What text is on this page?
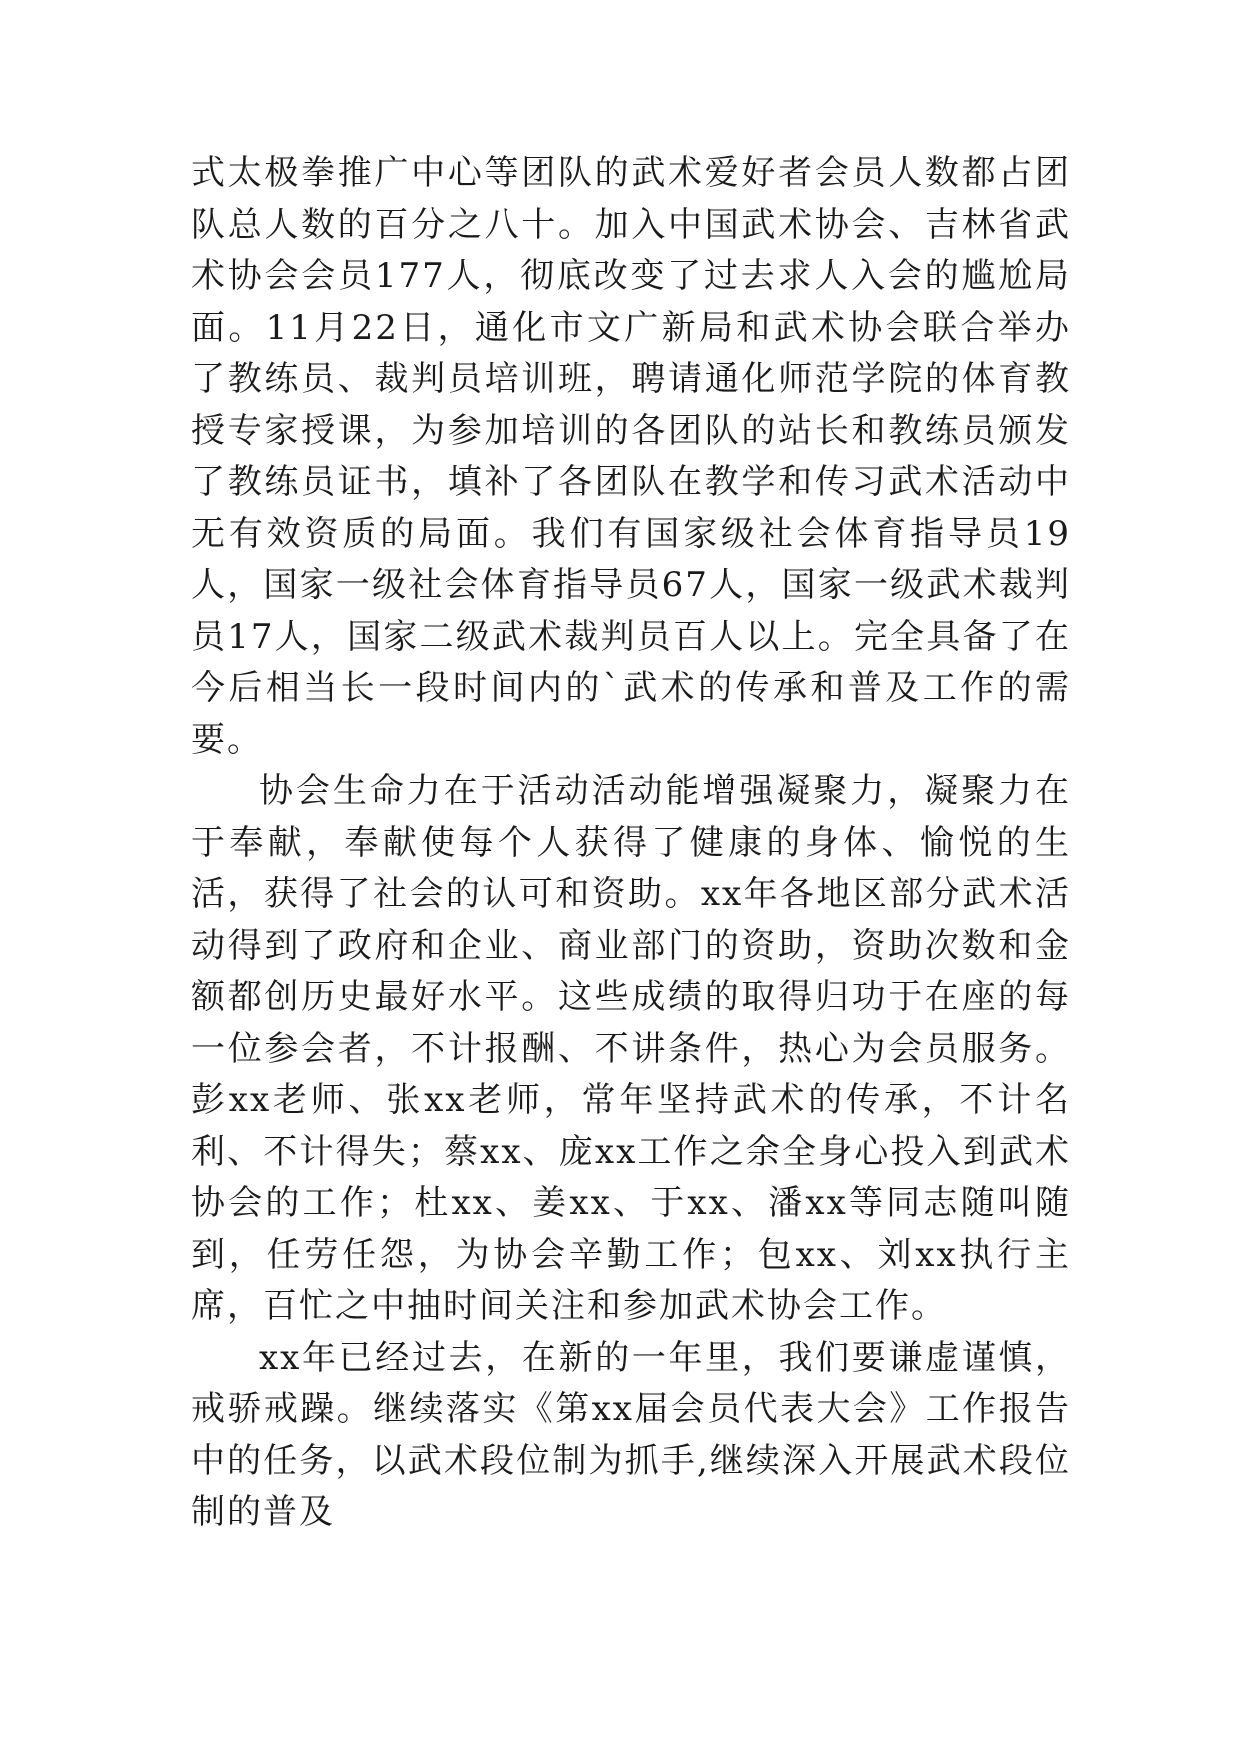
式太极拳推广中心等团队的武术爱好者会员人数都占团队总人数的百分之八十。加入中国武术协会、吉林省武术协会会员177人，彻底改变了过去求人入会的尴尬局面。11月22日，通化市文广新局和武术协会联合举办了教练员、裁判员培训班，聘请通化师范学院的体育教授专家授课，为参加培训的各团队的站长和教练员颁发了教练员证书，填补了各团队在教学和传习武术活动中无有效资质的局面。我们有国家级社会体育指导员19人，国家一级社会体育指导员67人，国家一级武术裁判员17人，国家二级武术裁判员百人以上。完全具备了在今后相当长一段时间内的`武术的传承和普及工作的需要。

协会生命力在于活动活动能增强凝聚力，凝聚力在于奉献，奉献使每个人获得了健康的身体、愉悦的生活，获得了社会的认可和资助。xx年各地区部分武术活动得到了政府和企业、商业部门的资助，资助次数和金额都创历史最好水平。这些成绩的取得归功于在座的每一位参会者，不计报酬、不讲条件，热心为会员服务。彭xx老师、张xx老师，常年坚持武术的传承，不计名利、不计得失；蔡xx、庞xx工作之余全身心投入到武术协会的工作；杜xx、姜xx、于xx、潘xx等同志随叫随到，任劳任怨，为协会辛勤工作；包xx、刘xx执行主席，百忙之中抽时间关注和参加武术协会工作。

xx年已经过去，在新的一年里，我们要谦虚谨慎，戒骄戒躁。继续落实《第xx届会员代表大会》工作报告中的任务，以武术段位制为抓手,继续深入开展武术段位制的普及
